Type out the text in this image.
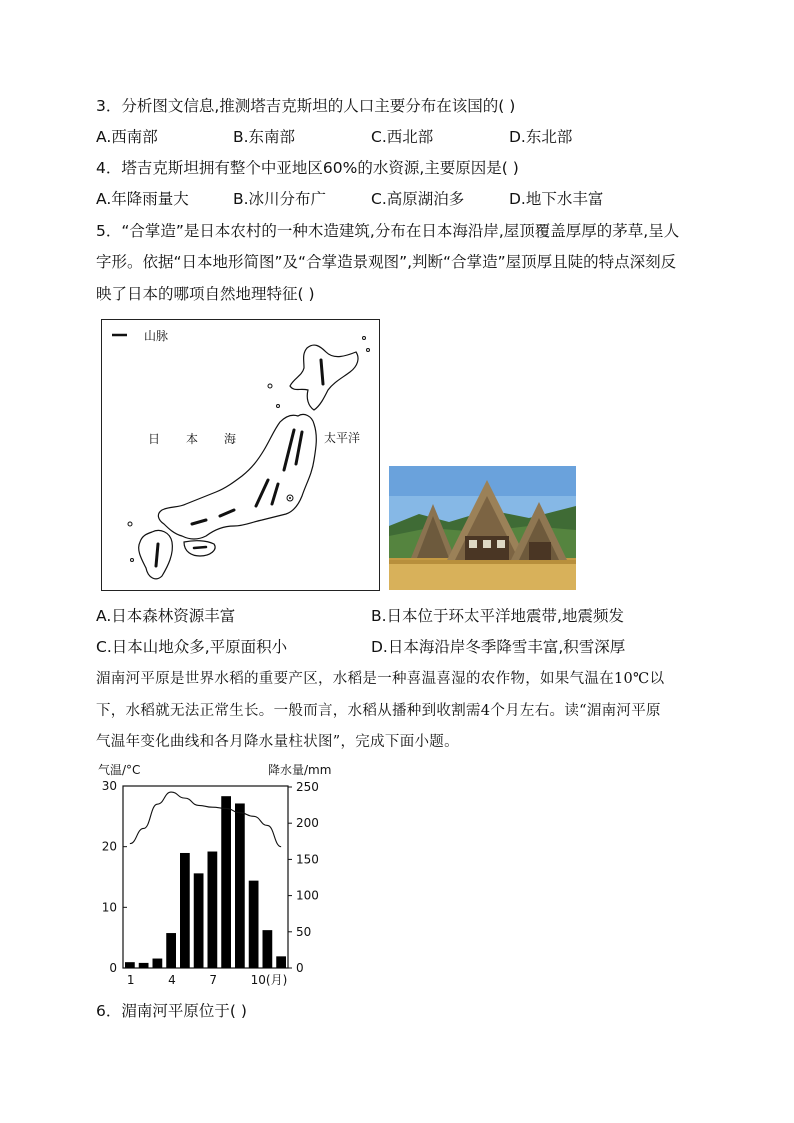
3．分析图文信息,推测塔吉克斯坦的人口主要分布在该国的( )
A.西南部	B.东南部	C.西北部	D.东北部
4．塔吉克斯坦拥有整个中亚地区60%的水资源,主要原因是( )
A.年降雨量大	B.冰川分布广	C.高原湖泊多	D.地下水丰富
5．“合掌造”是日本农村的一种木造建筑,分布在日本海沿岸,屋顶覆盖厚厚的茅草,呈人
字形。依据“日本地形简图”及“合掌造景观图”,判断“合掌造”屋顶厚且陡的特点深刻反
映了日本的哪项自然地理特征( )
山脉
日 本 海	太平洋
A.日本森林资源丰富	B.日本位于环太平洋地震带,地震频发
C.日本山地众多,平原面积小	D.日本海沿岸冬季降雪丰富,积雪深厚
湄南河平原是世界水稻的重要产区，水稻是一种喜温喜湿的农作物，如果气温在10℃以
下，水稻就无法正常生长。一般而言，水稻从播种到收割需4个月左右。读“湄南河平原
气温年变化曲线和各月降水量柱状图”，完成下面小题。
气温/°C	降水量/mm
30
20
10
0
250
200
150
100
50
0
1	4	7	10(月)
6．湄南河平原位于( )
